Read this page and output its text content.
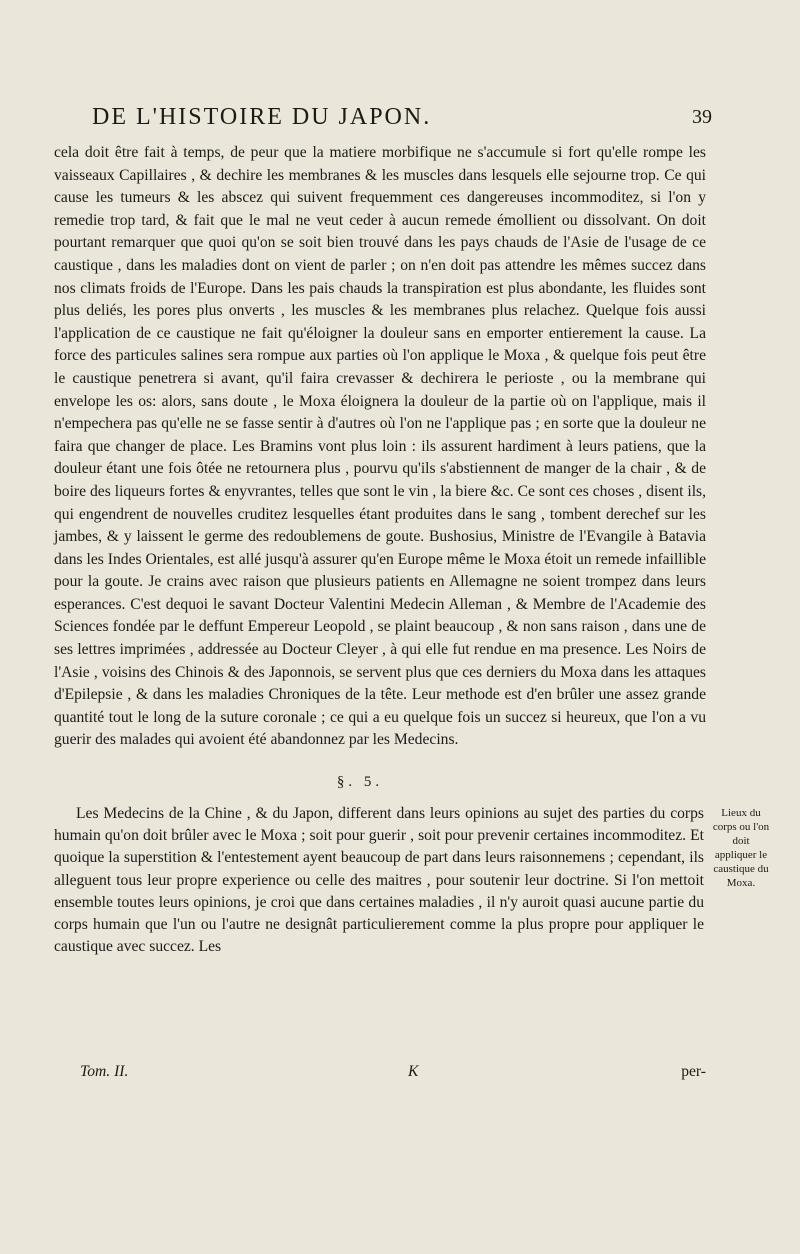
DE L'HISTOIRE DU JAPON.	39

cela doit être fait à temps, de peur que la matiere morbifique ne s'accumule si fort qu'elle rompe les vaisseaux Capillaires , & dechire les membranes & les muscles dans lesquels elle sejourne trop. Ce qui cause les tumeurs & les abscez qui suivent frequemment ces dangereuses incommoditez, si l'on y remedie trop tard, & fait que le mal ne veut ceder à aucun remede émollient ou dissolvant. On doit pourtant remarquer que quoi qu'on se soit bien trouvé dans les pays chauds de l'Asie de l'usage de ce caustique , dans les maladies dont on vient de parler ; on n'en doit pas attendre les mêmes succez dans nos climats froids de l'Europe. Dans les pais chauds la transpiration est plus abondante, les fluides sont plus deliés, les pores plus onverts , les muscles & les membranes plus relachez. Quelque fois aussi l'application de ce caustique ne fait qu'éloigner la douleur sans en emporter entierement la cause. La force des particules salines sera rompue aux parties où l'on applique le Moxa , & quelque fois peut être le caustique penetrera si avant, qu'il faira crevasser & dechirera le perioste , ou la membrane qui envelope les os: alors, sans doute , le Moxa éloignera la douleur de la partie où on l'applique, mais il n'empechera pas qu'elle ne se fasse sentir à d'autres où l'on ne l'applique pas ; en sorte que la douleur ne faira que changer de place. Les Bramins vont plus loin : ils assurent hardiment à leurs patiens, que la douleur étant une fois ôtée ne retournera plus , pourvu qu'ils s'abstiennent de manger de la chair , & de boire des liqueurs fortes & enyvrantes, telles que sont le vin , la biere &c. Ce sont ces choses , disent ils, qui engendrent de nouvelles cruditez lesquelles étant produites dans le sang , tombent derechef sur les jambes, & y laissent le germe des redoublemens de goute. Bushosius, Ministre de l'Evangile à Batavia dans les Indes Orientales, est allé jusqu'à assurer qu'en Europe même le Moxa étoit un remede infaillible pour la goute. Je crains avec raison que plusieurs patients en Allemagne ne soient trompez dans leurs esperances. C'est dequoi le savant Docteur Valentini Medecin Alleman , & Membre de l'Academie des Sciences fondée par le deffunt Empereur Leopold , se plaint beaucoup , & non sans raison , dans une de ses lettres imprimées , addressée au Docteur Cleyer , à qui elle fut rendue en ma presence. Les Noirs de l'Asie , voisins des Chinois & des Japonnois, se servent plus que ces derniers du Moxa dans les attaques d'Epilepsie , & dans les maladies Chroniques de la tête. Leur methode est d'en brûler une assez grande quantité tout le long de la suture coronale ; ce qui a eu quelque fois un succez si heureux, que l'on a vu guerir des malades qui avoient été abandonnez par les Medecins.

§. 5.

Les Medecins de la Chine , & du Japon, different dans leurs opinions au sujet des parties du corps humain qu'on doit brûler avec le Moxa ; soit pour guerir , soit pour prevenir certaines incommoditez. Et quoique la superstition & l'entestement ayent beaucoup de part dans leurs raisonnemens ; cependant, ils alleguent tous leur propre experience ou celle des maitres , pour soutenir leur doctrine. Si l'on mettoit ensemble toutes leurs opinions, je croi que dans certaines maladies , il n'y auroit quasi aucune partie du corps humain que l'un ou l'autre ne designât particulierement comme la plus propre pour appliquer le caustique avec succez. Les

Lieux du corps ou l'on doit appliquer le caustique du Moxa.
Tom. II.	K	per-
